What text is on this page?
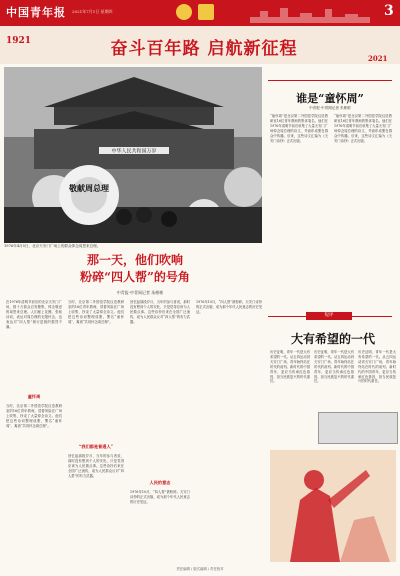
中国青年报 2021年7月1日 星期四	3
1921	奋斗百年路 启航新征程	2021
中华人民共和国万岁
敬献周总理
1976年4月5日，北京天安门广场上的群众悼念周恩来总理。
那一天，他们吹响
粉碎“四人帮”的号角
中青报·中青网记者 朱彬彬
在1976年清明节前后的北京天安门广场，数十万群众自发聚集，悼念敬爱的周恩来总理。人们献上花圈、张贴诗词，表达对周总理的无限怀念，也表达对“四人帮”倒行逆施的强烈不满。
童怀周
当时，北京第二外国语学院汉语教研室的16位青年教师，冒着风险在广场上收集、抄录了大量悼念诗文。他们把这些诗词整理成册，署名“童怀周”，寓意“共同怀念周总理”。
当时，北京第二外国语学院汉语教研室的16位青年教师，冒着风险在广场上收集、抄录了大量悼念诗文。他们把这些诗词整理成册，署名“童怀周”，寓意“共同怀念周总理”。
“我们都是普通人”
回忆起那段岁月，当年的参与者说，那时没有想到个人的安危，只是觉得应该为人民做点事。这些诗抄后来在全国广泛流传，成为人民群众反对“四人帮”的有力武器。
回忆起那段岁月，当年的参与者说，那时没有想到个人的安危，只是觉得应该为人民做点事。这些诗抄后来在全国广泛流传，成为人民群众反对“四人帮”的有力武器。
人民的意志
1976年10月，“四人帮”被粉碎。天安门诗抄的正式出版，成为那个年代人民意志的历史见证。
1976年10月，“四人帮”被粉碎。天安门诗抄的正式出版，成为那个年代人民意志的历史见证。
谁是“童怀周”
中青报·中青网记者 朱彬彬
“童怀周”是北京第二外国语学院汉语教研室16位青年教师的集体笔名。他们在1976年清明节前后收集了大量天安门广场悼念周总理的诗文，并油印成册在群众中传播。后来，这些诗文汇编为《天安门诗抄》正式出版。
“童怀周”是北京第二外国语学院汉语教研室16位青年教师的集体笔名。他们在1976年清明节前后收集了大量天安门广场悼念周总理的诗文，并油印成册在群众中传播。后来，这些诗文汇编为《天安门诗抄》正式出版。
短评
大有希望的一代
历史证明，青年一代是大有希望的一代。从五四运动到天安门广场，青年始终站在时代的前列。新时代的中国青年，更应当传承红色基因，担当民族复兴的时代重任。
历史证明，青年一代是大有希望的一代。从五四运动到天安门广场，青年始终站在时代的前列。新时代的中国青年，更应当传承红色基因，担当民族复兴的时代重任。
历史证明，青年一代是大有希望的一代。从五四运动到天安门广场，青年始终站在时代的前列。新时代的中国青年，更应当传承红色基因，担当民族复兴的时代重任。
责任编辑 / 版式编辑 / 责任校对
